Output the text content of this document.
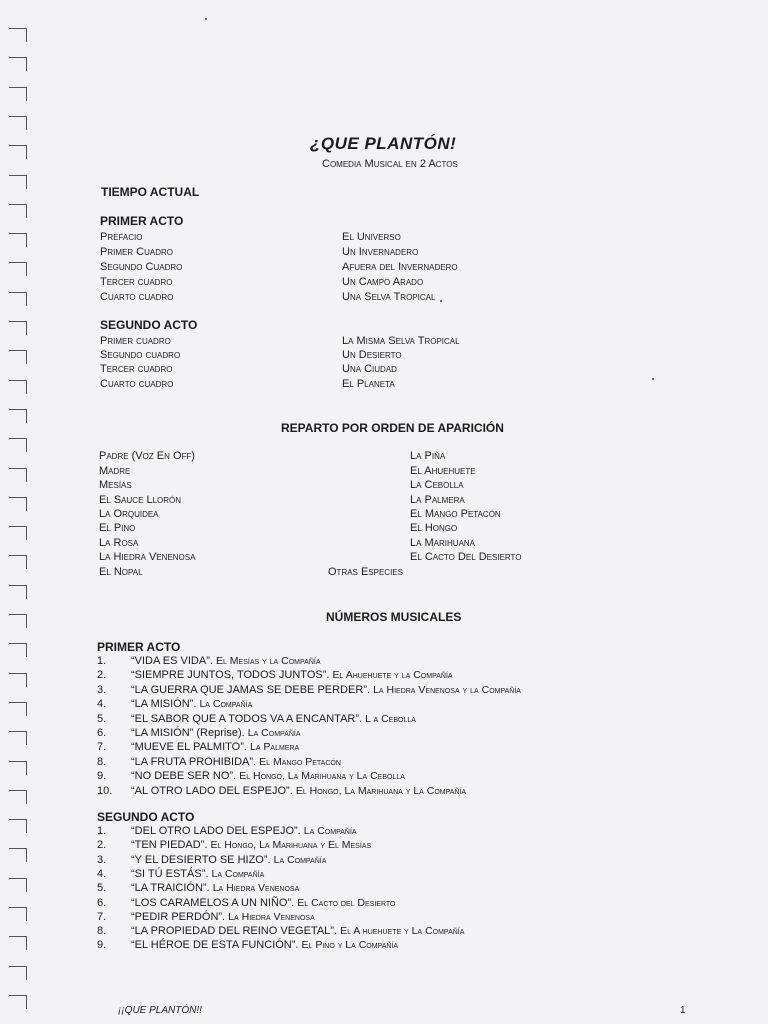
¿QUE PLANTÓN!
Comedia Musical en 2 Actos
TIEMPO ACTUAL
PRIMER ACTO
Prefacio	El Universo
Primer Cuadro	Un Invernadero
Segundo Cuadro	Afuera del Invernadero
Tercer cuadro	Un Campo Arado
Cuarto cuadro	Una Selva Tropical
SEGUNDO ACTO
Primer cuadro	La Misma Selva Tropical
Segundo cuadro	Un Desierto
Tercer cuadro	Una Ciudad
Cuarto cuadro	El Planeta
REPARTO POR ORDEN DE APARICIÓN
Padre (Voz En Off)
Madre
Mesías
El Sauce Llorón
La Orquidea
El Pino
La Rosa
La Hiedra Venenosa
El Nopal
La Piña
El Ahuehuete
La Cebolla
La Palmera
El Mango Petacón
El Hongo
La Marihuana
El Cacto Del Desierto
Otras Especies
NÚMEROS MUSICALES
PRIMER ACTO
1. “VIDA ES VIDA”. El Mesías y la Compañía
2. “SIEMPRE JUNTOS, TODOS JUNTOS”. El Ahuehuete y la Compañía
3. “LA GUERRA QUE JAMAS SE DEBE PERDER”. La Hiedra Venenosa y la Compañía
4. “LA MISIÓN”. La Compañía
5. “EL SABOR QUE A TODOS VA A ENCANTAR”. L a Cebolla
6. “LA MISIÓN” (Reprise). La Compañía
7. “MUEVE EL PALMITO”. La Palmera
8. “LA FRUTA PROHIBIDA”. El Mango Petacón
9. “NO DEBE SER NO”. El Hongo, La Marihuana y La Cebolla
10. “AL OTRO LADO DEL ESPEJO”. El Hongo, La Marihuana y La Compañía
SEGUNDO ACTO
1. “DEL OTRO LADO DEL ESPEJO”. La Compañía
2. “TEN PIEDAD”. El Hongo, La Marihuana y El Mesías
3. “Y EL DESIERTO SE HIZO”. La Compañía
4. “SI TÚ ESTÁS”. La Compañía
5. “LA TRAICIÓN”. La Hiedra Venenosa
6. “LOS CARAMELOS A UN NIÑO”. El Cacto del Desierto
7. “PEDIR PERDÓN”. La Hiedra Venenosa
8. “LA PROPIEDAD DEL REINO VEGETAL”. El A huehuete y La Compañía
9. “EL HÉROE DE ESTA FUNCIÓN”. El Pino y La Compañía
¡¡QUE PLANTÓN!!	1
